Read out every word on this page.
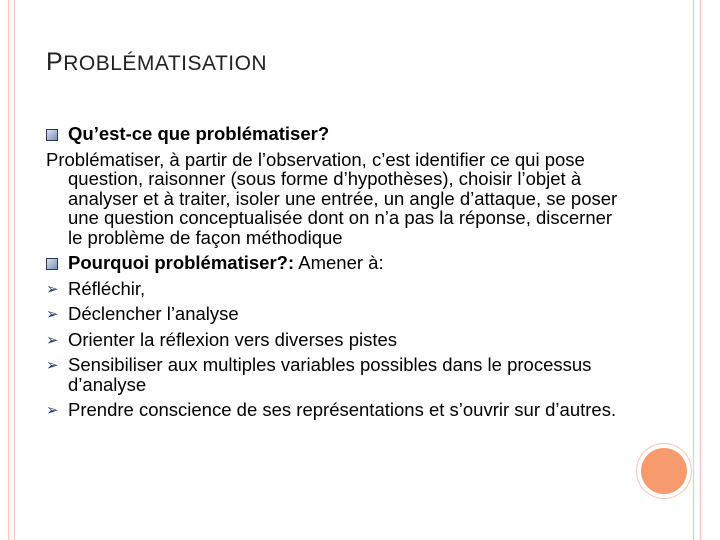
PROBLÉMATISATION
Qu’est-ce que problématiser?
Problématiser, à partir de l’observation, c’est identifier ce qui pose question, raisonner (sous forme d’hypothèses), choisir l’objet à analyser et à traiter, isoler une entrée, un angle d’attaque, se poser une question conceptualisée dont on n’a pas la réponse, discerner le problème de façon méthodique
Pourquoi problématiser?: Amener à:
➢ Réfléchir,
➢ Déclencher l’analyse
➢ Orienter la réflexion vers diverses pistes
➢ Sensibiliser aux multiples variables possibles dans le processus d’analyse
➢ Prendre conscience de ses représentations et s’ouvrir sur d’autres.
